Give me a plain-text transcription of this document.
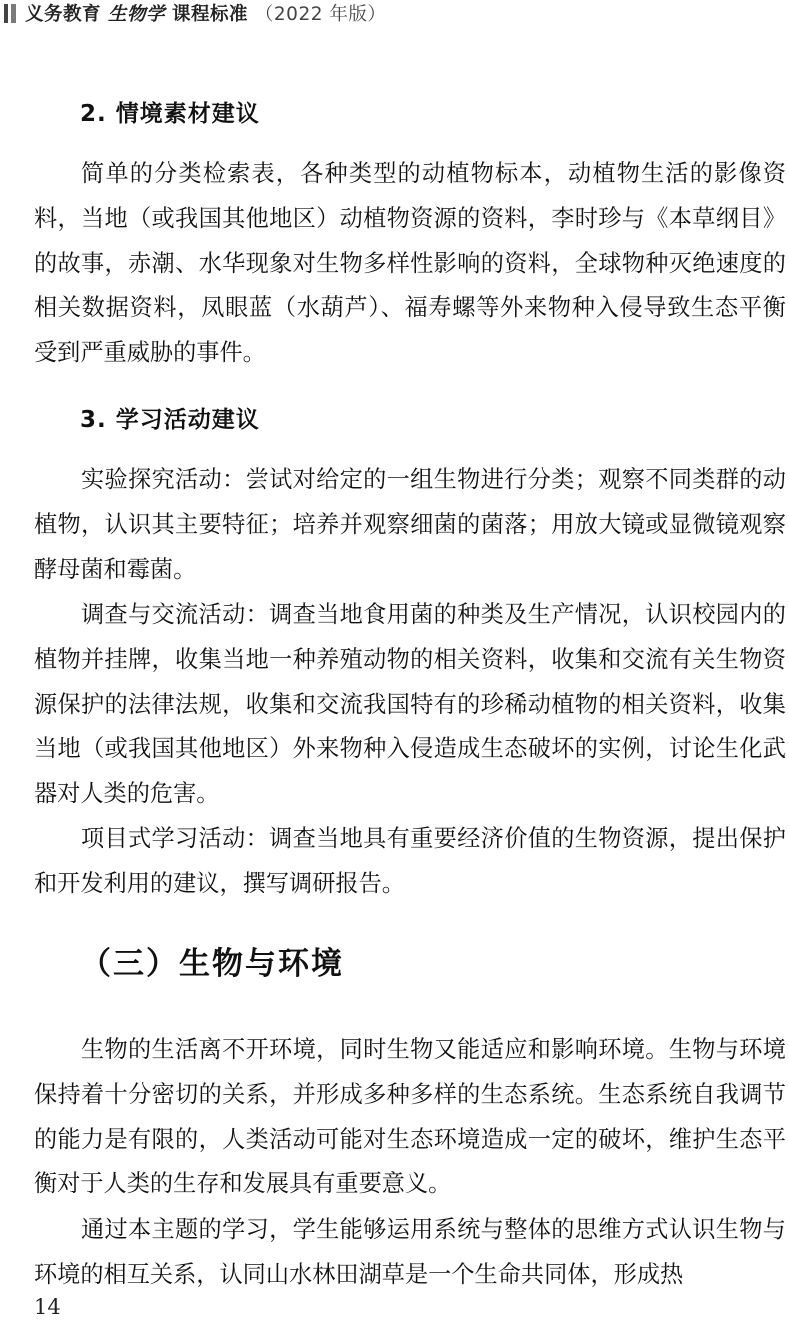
义务教育 生物学 课程标准 （2022 年版）
2. 情境素材建议

简单的分类检索表，各种类型的动植物标本，动植物生活的影像资料，当地（或我国其他地区）动植物资源的资料，李时珍与《本草纲目》的故事，赤潮、水华现象对生物多样性影响的资料，全球物种灭绝速度的相关数据资料，凤眼蓝（水葫芦）、福寿螺等外来物种入侵导致生态平衡受到严重威胁的事件。

3. 学习活动建议

实验探究活动：尝试对给定的一组生物进行分类；观察不同类群的动植物，认识其主要特征；培养并观察细菌的菌落；用放大镜或显微镜观察酵母菌和霉菌。

调查与交流活动：调查当地食用菌的种类及生产情况，认识校园内的植物并挂牌，收集当地一种养殖动物的相关资料，收集和交流有关生物资源保护的法律法规，收集和交流我国特有的珍稀动植物的相关资料，收集当地（或我国其他地区）外来物种入侵造成生态破坏的实例，讨论生化武器对人类的危害。

项目式学习活动：调查当地具有重要经济价值的生物资源，提出保护和开发利用的建议，撰写调研报告。

（三）生物与环境

生物的生活离不开环境，同时生物又能适应和影响环境。生物与环境保持着十分密切的关系，并形成多种多样的生态系统。生态系统自我调节的能力是有限的，人类活动可能对生态环境造成一定的破坏，维护生态平衡对于人类的生存和发展具有重要意义。

通过本主题的学习，学生能够运用系统与整体的思维方式认识生物与环境的相互关系，认同山水林田湖草是一个生命共同体，形成热

14
